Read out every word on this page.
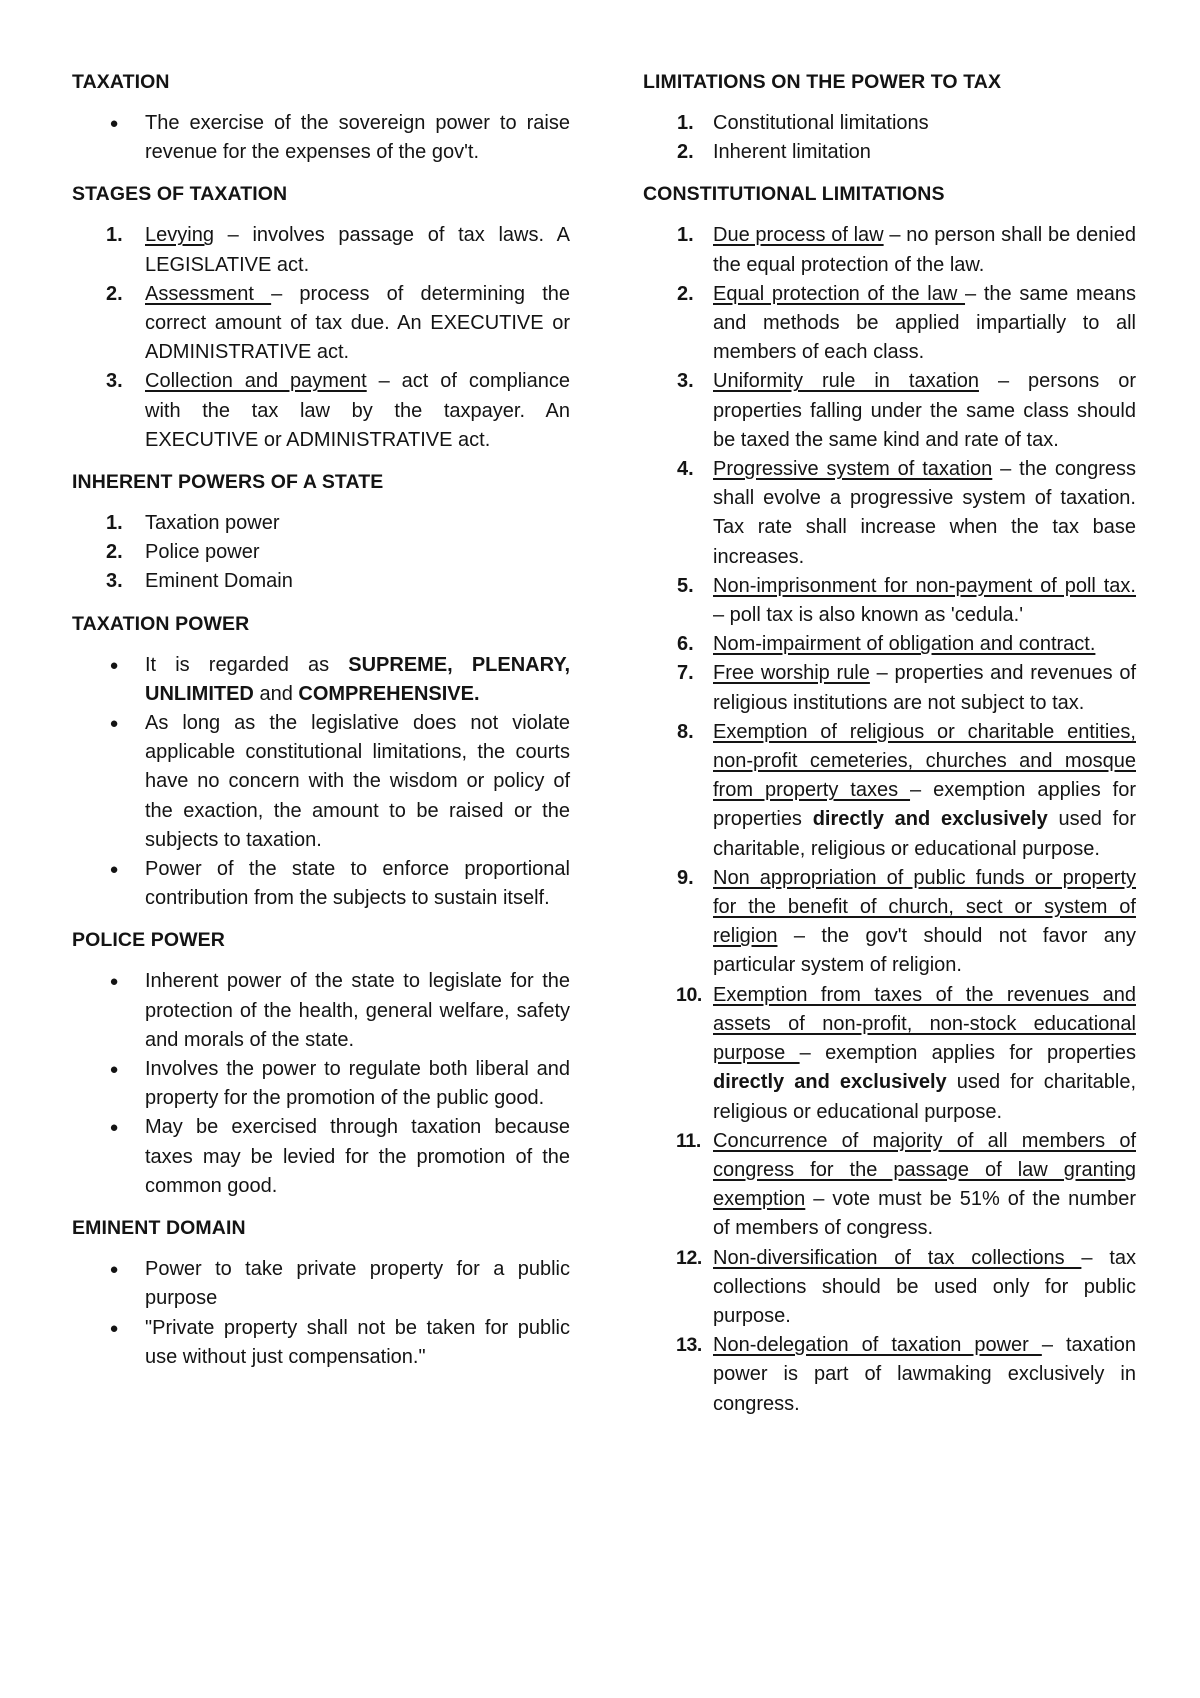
TAXATION
● The exercise of the sovereign power to raise revenue for the expenses of the gov't.
STAGES OF TAXATION
1. Levying – involves passage of tax laws. A LEGISLATIVE act.
2. Assessment – process of determining the correct amount of tax due. An EXECUTIVE or ADMINISTRATIVE act.
3. Collection and payment – act of compliance with the tax law by the taxpayer. An EXECUTIVE or ADMINISTRATIVE act.
INHERENT POWERS OF A STATE
1. Taxation power
2. Police power
3. Eminent Domain
TAXATION POWER
● It is regarded as SUPREME, PLENARY, UNLIMITED and COMPREHENSIVE.
● As long as the legislative does not violate applicable constitutional limitations, the courts have no concern with the wisdom or policy of the exaction, the amount to be raised or the subjects to taxation.
● Power of the state to enforce proportional contribution from the subjects to sustain itself.
POLICE POWER
● Inherent power of the state to legislate for the protection of the health, general welfare, safety and morals of the state.
● Involves the power to regulate both liberal and property for the promotion of the public good.
● May be exercised through taxation because taxes may be levied for the promotion of the common good.
EMINENT DOMAIN
● Power to take private property for a public purpose
● "Private property shall not be taken for public use without just compensation."
LIMITATIONS ON THE POWER TO TAX
1. Constitutional limitations
2. Inherent limitation
CONSTITUTIONAL LIMITATIONS
1. Due process of law – no person shall be denied the equal protection of the law.
2. Equal protection of the law – the same means and methods be applied impartially to all members of each class.
3. Uniformity rule in taxation – persons or properties falling under the same class should be taxed the same kind and rate of tax.
4. Progressive system of taxation – the congress shall evolve a progressive system of taxation. Tax rate shall increase when the tax base increases.
5. Non-imprisonment for non-payment of poll tax. – poll tax is also known as 'cedula.'
6. Nom-impairment of obligation and contract.
7. Free worship rule – properties and revenues of religious institutions are not subject to tax.
8. Exemption of religious or charitable entities, non-profit cemeteries, churches and mosque from property taxes – exemption applies for properties directly and exclusively used for charitable, religious or educational purpose.
9. Non appropriation of public funds or property for the benefit of church, sect or system of religion – the gov't should not favor any particular system of religion.
10. Exemption from taxes of the revenues and assets of non-profit, non-stock educational purpose – exemption applies for properties directly and exclusively used for charitable, religious or educational purpose.
11. Concurrence of majority of all members of congress for the passage of law granting exemption – vote must be 51% of the number of members of congress.
12. Non-diversification of tax collections – tax collections should be used only for public purpose.
13. Non-delegation of taxation power – taxation power is part of lawmaking exclusively in congress.
